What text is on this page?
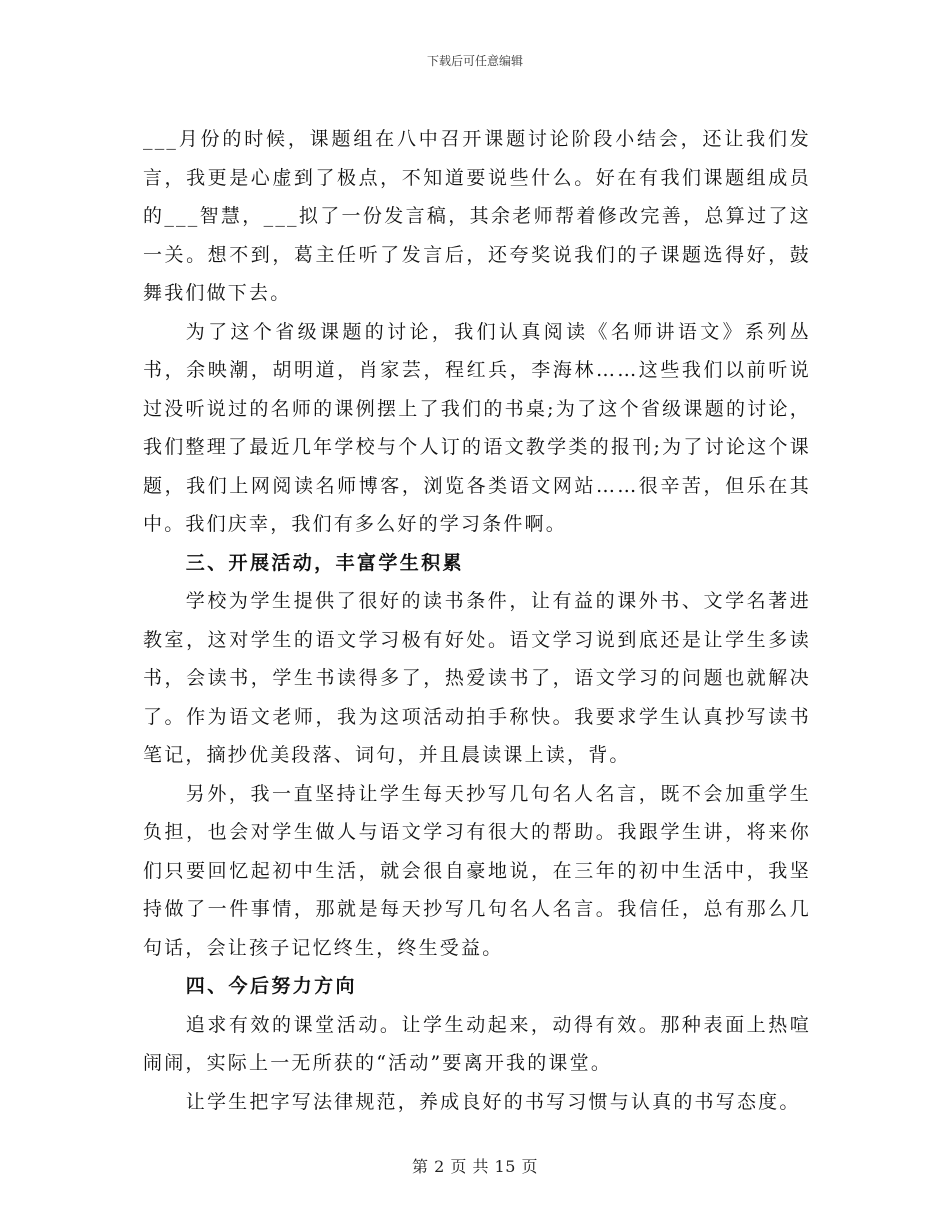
下载后可任意编辑

___月份的时候，课题组在八中召开课题讨论阶段小结会，还让我们发言，我更是心虚到了极点，不知道要说些什么。好在有我们课题组成员的___智慧，___拟了一份发言稿，其余老师帮着修改完善，总算过了这一关。想不到，葛主任听了发言后，还夸奖说我们的子课题选得好，鼓舞我们做下去。

为了这个省级课题的讨论，我们认真阅读《名师讲语文》系列丛书，余映潮，胡明道，肖家芸，程红兵，李海林……这些我们以前听说过没听说过的名师的课例摆上了我们的书桌;为了这个省级课题的讨论，我们整理了最近几年学校与个人订的语文教学类的报刊;为了讨论这个课题，我们上网阅读名师博客，浏览各类语文网站……很辛苦，但乐在其中。我们庆幸，我们有多么好的学习条件啊。

三、开展活动，丰富学生积累

学校为学生提供了很好的读书条件，让有益的课外书、文学名著进教室，这对学生的语文学习极有好处。语文学习说到底还是让学生多读书，会读书，学生书读得多了，热爱读书了，语文学习的问题也就解决了。作为语文老师，我为这项活动拍手称快。我要求学生认真抄写读书笔记，摘抄优美段落、词句，并且晨读课上读，背。

另外，我一直坚持让学生每天抄写几句名人名言，既不会加重学生负担，也会对学生做人与语文学习有很大的帮助。我跟学生讲，将来你们只要回忆起初中生活，就会很自豪地说，在三年的初中生活中，我坚持做了一件事情，那就是每天抄写几句名人名言。我信任，总有那么几句话，会让孩子记忆终生，终生受益。

四、今后努力方向

追求有效的课堂活动。让学生动起来，动得有效。那种表面上热喧闹闹，实际上一无所获的“活动”要离开我的课堂。

让学生把字写法律规范，养成良好的书写习惯与认真的书写态度。

第 2 页 共 15 页
